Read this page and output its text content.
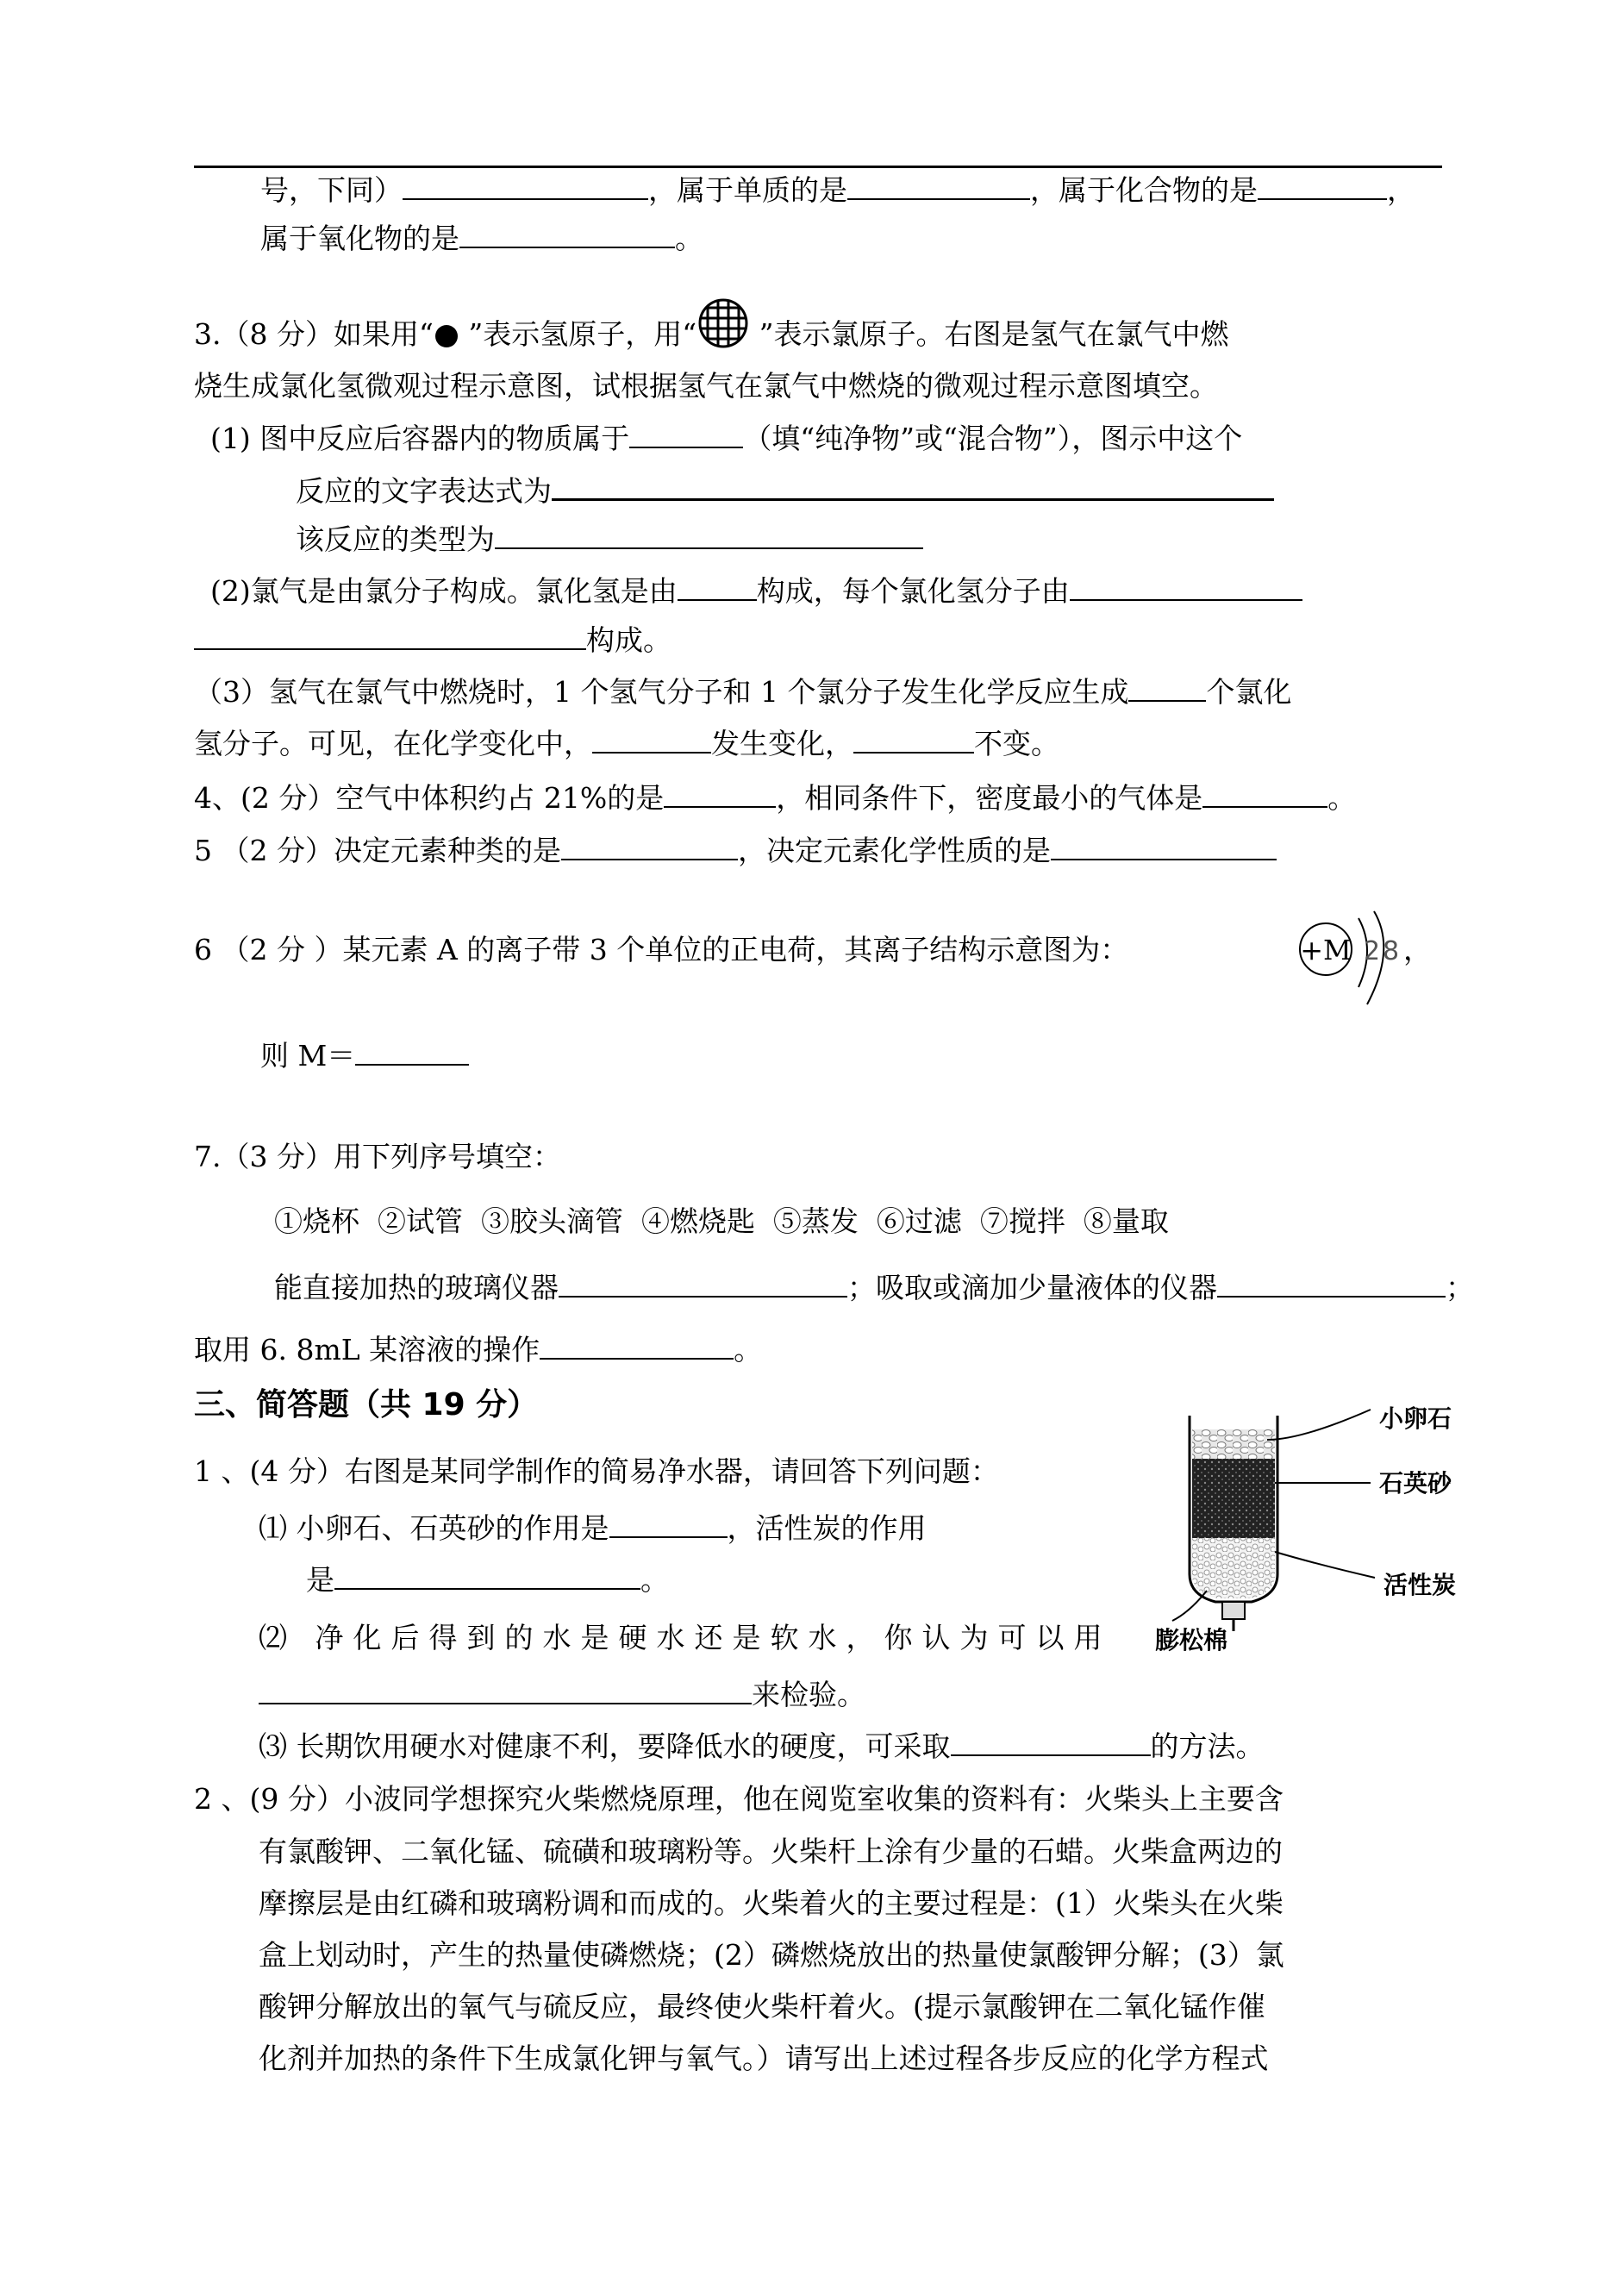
号，下同）	，属于单质的是	，属于化合物的是	，
属于氧化物的是	。
3.（8 分）如果用“ ”表示氢原子，用“ ”表示氯原子。右图是氢气在氯气中燃
烧生成氯化氢微观过程示意图，试根据氢气在氯气中燃烧的微观过程示意图填空。
(1) 图中反应后容器内的物质属于	（填“纯净物”或“混合物”），图示中这个
反应的文字表达式为
该反应的类型为
(2)氯气是由氯分子构成。氯化氢是由	构成，每个氯化氢分子由
构成。
（3）氢气在氯气中燃烧时，1 个氢气分子和 1 个氯分子发生化学反应生成	个氯化
氢分子。可见，在化学变化中，	发生变化，	不变。
4、(2 分）空气中体积约占 21%的是	，相同条件下，密度最小的气体是	。
5 （2 分）决定元素种类的是	，决定元素化学性质的是
6 （2 分 ）某元素 A 的离子带 3 个单位的正电荷，其离子结构示意图为：	+M 2 8 ，
则 M＝
7.（3 分）用下列序号填空：
①烧杯  ②试管  ③胶头滴管  ④燃烧匙  ⑤蒸发  ⑥过滤  ⑦搅拌  ⑧量取
能直接加热的玻璃仪器	；吸取或滴加少量液体的仪器	；
取用 6. 8mL 某溶液的操作	。
三、简答题（共 19 分）
1 、(4 分）右图是某同学制作的简易净水器，请回答下列问题：
⑴ 小卵石、石英砂的作用是	，活性炭的作用
是	。
⑵ 净化后得到的水是硬水还是软水，你认为可以用
来检验。
⑶ 长期饮用硬水对健康不利，要降低水的硬度，可采取	的方法。
小卵石
石英砂
活性炭
膨松棉
2 、(9 分）小波同学想探究火柴燃烧原理，他在阅览室收集的资料有：火柴头上主要含
有氯酸钾、二氧化锰、硫磺和玻璃粉等。火柴杆上涂有少量的石蜡。火柴盒两边的
摩擦层是由红磷和玻璃粉调和而成的。火柴着火的主要过程是：(1）火柴头在火柴
盒上划动时，产生的热量使磷燃烧；(2）磷燃烧放出的热量使氯酸钾分解；(3）氯
酸钾分解放出的氧气与硫反应，最终使火柴杆着火。(提示氯酸钾在二氧化锰作催
化剂并加热的条件下生成氯化钾与氧气。）请写出上述过程各步反应的化学方程式
